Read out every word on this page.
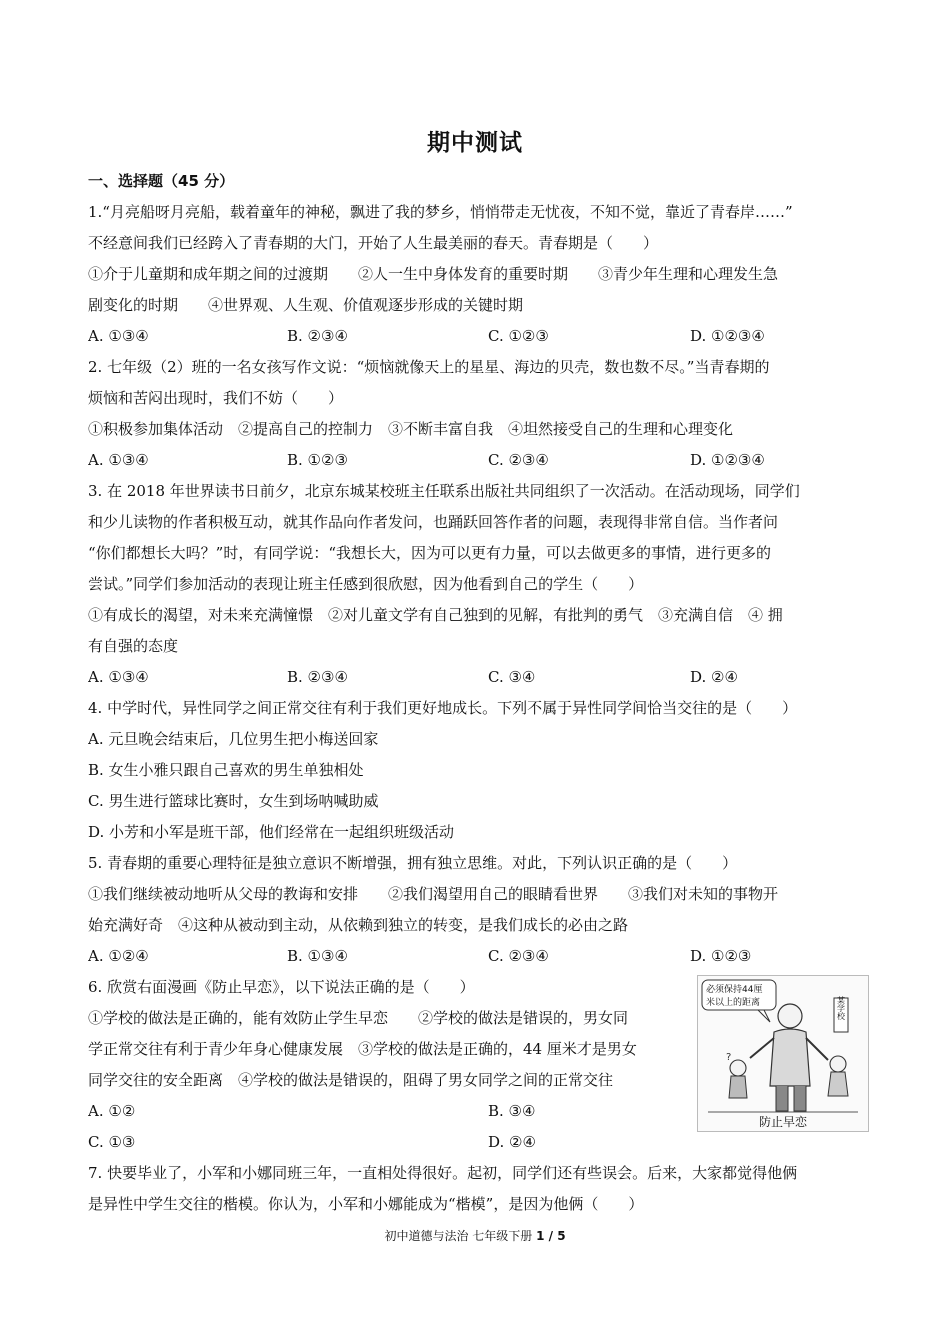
期中测试
一、选择题（45 分）
1.“月亮船呀月亮船，载着童年的神秘，飘进了我的梦乡，悄悄带走无忧夜，不知不觉，靠近了青春岸……”
不经意间我们已经跨入了青春期的大门，开始了人生最美丽的春天。青春期是（　　）
①介于儿童期和成年期之间的过渡期　　②人一生中身体发育的重要时期　　③青少年生理和心理发生急
剧变化的时期　　④世界观、人生观、价值观逐步形成的关键时期
A. ①③④	B. ②③④	C. ①②③	D. ①②③④
2. 七年级（2）班的一名女孩写作文说：“烦恼就像天上的星星、海边的贝壳，数也数不尽。”当青春期的
烦恼和苦闷出现时，我们不妨（　　）
①积极参加集体活动　②提高自己的控制力　③不断丰富自我　④坦然接受自己的生理和心理变化
A. ①③④	B. ①②③	C. ②③④	D. ①②③④
3. 在 2018 年世界读书日前夕，北京东城某校班主任联系出版社共同组织了一次活动。在活动现场，同学们
和少儿读物的作者积极互动，就其作品向作者发问，也踊跃回答作者的问题，表现得非常自信。当作者问
“你们都想长大吗？”时，有同学说：“我想长大，因为可以更有力量，可以去做更多的事情，进行更多的
尝试。”同学们参加活动的表现让班主任感到很欣慰，因为他看到自己的学生（　　）
①有成长的渴望，对未来充满憧憬　②对儿童文学有自己独到的见解，有批判的勇气　③充满自信　④ 拥
有自强的态度
A. ①③④	B. ②③④	C. ③④	D. ②④
4. 中学时代，异性同学之间正常交往有利于我们更好地成长。下列不属于异性同学间恰当交往的是（　　）
A. 元旦晚会结束后，几位男生把小梅送回家
B. 女生小雅只跟自己喜欢的男生单独相处
C. 男生进行篮球比赛时，女生到场呐喊助威
D. 小芳和小军是班干部，他们经常在一起组织班级活动
5. 青春期的重要心理特征是独立意识不断增强，拥有独立思维。对此，下列认识正确的是（　　）
①我们继续被动地听从父母的教诲和安排　　②我们渴望用自己的眼睛看世界　　③我们对未知的事物开
始充满好奇　④这种从被动到主动，从依赖到独立的转变，是我们成长的必由之路
A. ①②④	B. ①③④	C. ②③④	D. ①②③
6. 欣赏右面漫画《防止早恋》，以下说法正确的是（　　）
①学校的做法是正确的，能有效防止学生早恋　　②学校的做法是错误的，男女同
学正常交往有利于青少年身心健康发展　③学校的做法是正确的，44 厘米才是男女
同学交往的安全距离　④学校的做法是错误的，阻碍了男女同学之间的正常交往
A. ①②	B. ③④
C. ①③	D. ②④
7. 快要毕业了，小军和小娜同班三年，一直相处得很好。起初，同学们还有些误会。后来，大家都觉得他俩
是异性中学生交往的楷模。你认为，小军和小娜能成为“楷模”，是因为他俩（　　）
必须保持44厘
米以上的距离
?
某学校
防止早恋
初中道德与法治 七年级下册 1 / 5
